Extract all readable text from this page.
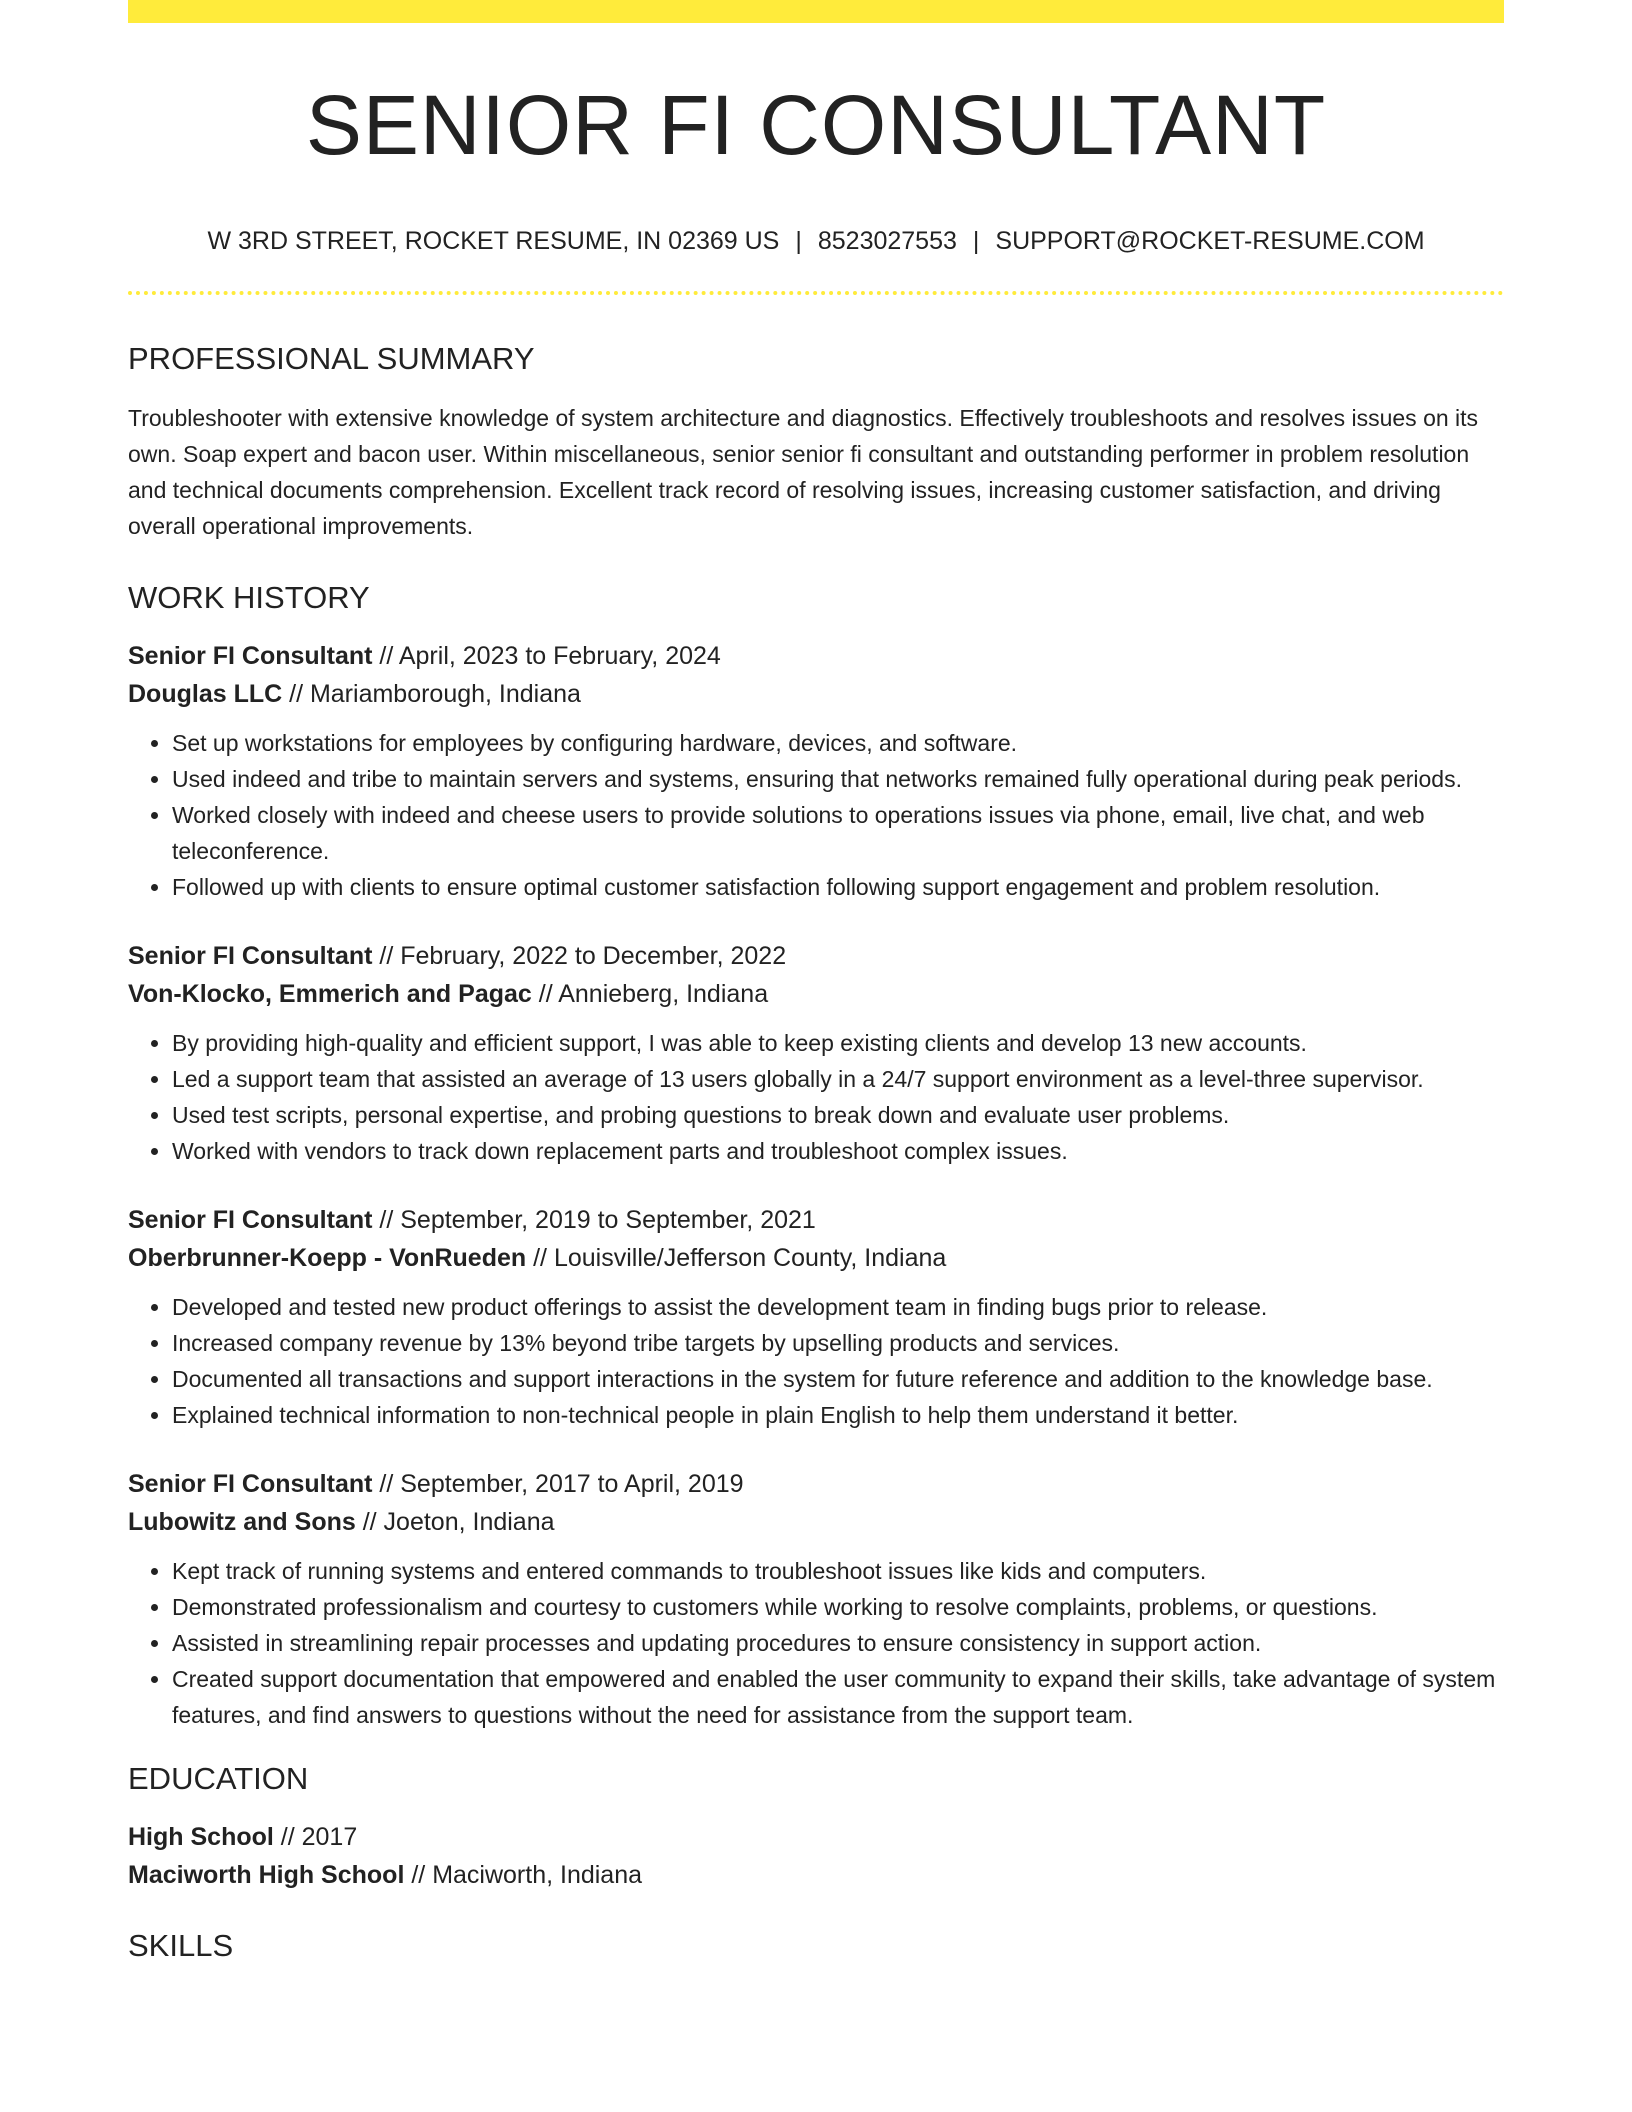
SENIOR FI CONSULTANT
W 3RD STREET, ROCKET RESUME, IN 02369 US | 8523027553 | SUPPORT@ROCKET-RESUME.COM
PROFESSIONAL SUMMARY
Troubleshooter with extensive knowledge of system architecture and diagnostics. Effectively troubleshoots and resolves issues on its own. Soap expert and bacon user. Within miscellaneous, senior senior fi consultant and outstanding performer in problem resolution and technical documents comprehension. Excellent track record of resolving issues, increasing customer satisfaction, and driving overall operational improvements.
WORK HISTORY
Senior FI Consultant // April, 2023 to February, 2024
Douglas LLC // Mariamborough, Indiana
• Set up workstations for employees by configuring hardware, devices, and software.
• Used indeed and tribe to maintain servers and systems, ensuring that networks remained fully operational during peak periods.
• Worked closely with indeed and cheese users to provide solutions to operations issues via phone, email, live chat, and web teleconference.
• Followed up with clients to ensure optimal customer satisfaction following support engagement and problem resolution.
Senior FI Consultant // February, 2022 to December, 2022
Von-Klocko, Emmerich and Pagac // Annieberg, Indiana
• By providing high-quality and efficient support, I was able to keep existing clients and develop 13 new accounts.
• Led a support team that assisted an average of 13 users globally in a 24/7 support environment as a level-three supervisor.
• Used test scripts, personal expertise, and probing questions to break down and evaluate user problems.
• Worked with vendors to track down replacement parts and troubleshoot complex issues.
Senior FI Consultant // September, 2019 to September, 2021
Oberbrunner-Koepp - VonRueden // Louisville/Jefferson County, Indiana
• Developed and tested new product offerings to assist the development team in finding bugs prior to release.
• Increased company revenue by 13% beyond tribe targets by upselling products and services.
• Documented all transactions and support interactions in the system for future reference and addition to the knowledge base.
• Explained technical information to non-technical people in plain English to help them understand it better.
Senior FI Consultant // September, 2017 to April, 2019
Lubowitz and Sons // Joeton, Indiana
• Kept track of running systems and entered commands to troubleshoot issues like kids and computers.
• Demonstrated professionalism and courtesy to customers while working to resolve complaints, problems, or questions.
• Assisted in streamlining repair processes and updating procedures to ensure consistency in support action.
• Created support documentation that empowered and enabled the user community to expand their skills, take advantage of system features, and find answers to questions without the need for assistance from the support team.
EDUCATION
High School // 2017
Maciworth High School // Maciworth, Indiana
SKILLS
